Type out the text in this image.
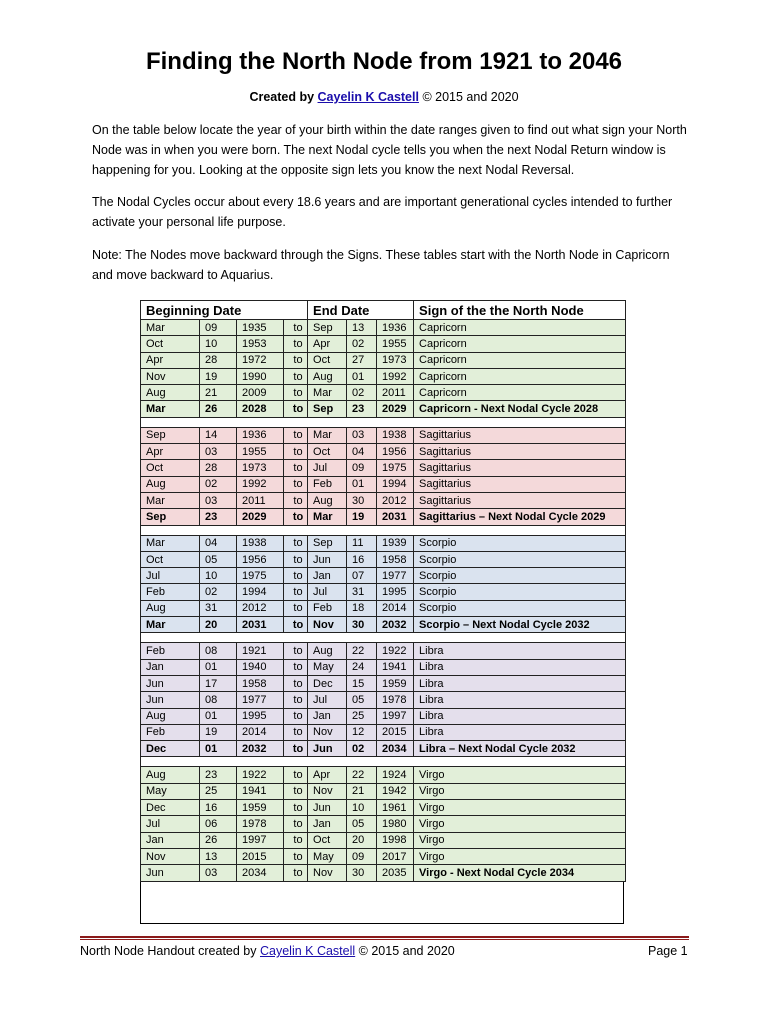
Finding the North Node from 1921 to 2046
Created by Cayelin K Castell © 2015 and 2020
On the table below locate the year of your birth within the date ranges given to find out what sign your North Node was in when you were born. The next Nodal cycle tells you when the next Nodal Return window is happening for you. Looking at the opposite sign lets you know the next Nodal Reversal.
The Nodal Cycles occur about every 18.6 years and are important generational cycles intended to further activate your personal life purpose.
Note: The Nodes move backward through the Signs. These tables start with the North Node in Capricorn and move backward to Aquarius.
Beginning Date				End Date			Sign of the the North Node
Mar	09	1935	to	Sep	13	1936	Capricorn
Oct	10	1953	to	Apr	02	1955	Capricorn
Apr	28	1972	to	Oct	27	1973	Capricorn
Nov	19	1990	to	Aug	01	1992	Capricorn
Aug	21	2009	to	Mar	02	2011	Capricorn
Mar	26	2028	to	Sep	23	2029	Capricorn - Next Nodal Cycle 2028

Sep	14	1936	to	Mar	03	1938	Sagittarius
Apr	03	1955	to	Oct	04	1956	Sagittarius
Oct	28	1973	to	Jul	09	1975	Sagittarius
Aug	02	1992	to	Feb	01	1994	Sagittarius
Mar	03	2011	to	Aug	30	2012	Sagittarius
Sep	23	2029	to	Mar	19	2031	Sagittarius – Next Nodal Cycle 2029

Mar	04	1938	to	Sep	11	1939	Scorpio
Oct	05	1956	to	Jun	16	1958	Scorpio
Jul	10	1975	to	Jan	07	1977	Scorpio
Feb	02	1994	to	Jul	31	1995	Scorpio
Aug	31	2012	to	Feb	18	2014	Scorpio
Mar	20	2031	to	Nov	30	2032	Scorpio – Next Nodal Cycle 2032

Feb	08	1921	to	Aug	22	1922	Libra
Jan	01	1940	to	May	24	1941	Libra
Jun	17	1958	to	Dec	15	1959	Libra
Jun	08	1977	to	Jul	05	1978	Libra
Aug	01	1995	to	Jan	25	1997	Libra
Feb	19	2014	to	Nov	12	2015	Libra
Dec	01	2032	to	Jun	02	2034	Libra – Next Nodal Cycle 2032

Aug	23	1922	to	Apr	22	1924	Virgo
May	25	1941	to	Nov	21	1942	Virgo
Dec	16	1959	to	Jun	10	1961	Virgo
Jul	06	1978	to	Jan	05	1980	Virgo
Jan	26	1997	to	Oct	20	1998	Virgo
Nov	13	2015	to	May	09	2017	Virgo
Jun	03	2034	to	Nov	30	2035	Virgo - Next Nodal Cycle 2034
North Node Handout created by Cayelin K Castell © 2015 and 2020	Page 1
